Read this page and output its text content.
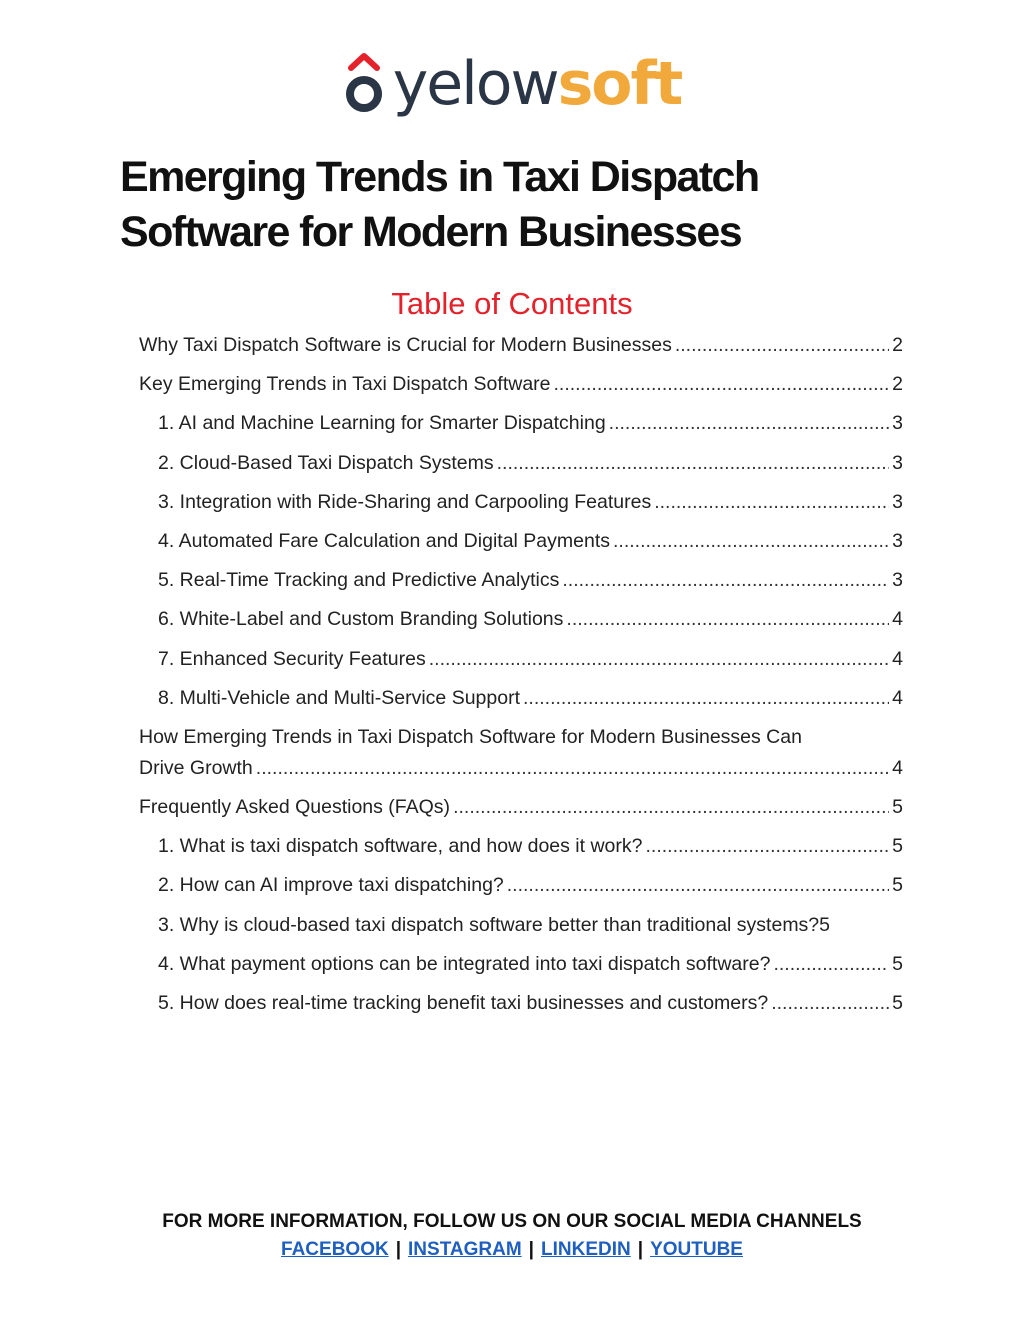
yelowsoft
Emerging Trends in Taxi Dispatch Software for Modern Businesses
Table of Contents
Why Taxi Dispatch Software is Crucial for Modern Businesses .....	2
Key Emerging Trends in Taxi Dispatch Software .....	2
1. AI and Machine Learning for Smarter Dispatching .....	3
2. Cloud-Based Taxi Dispatch Systems .....	3
3. Integration with Ride-Sharing and Carpooling Features .....	3
4. Automated Fare Calculation and Digital Payments .....	3
5. Real-Time Tracking and Predictive Analytics .....	3
6. White-Label and Custom Branding Solutions .....	4
7. Enhanced Security Features .....	4
8. Multi-Vehicle and Multi-Service Support .....	4
How Emerging Trends in Taxi Dispatch Software for Modern Businesses Can
Drive Growth .....	4
Frequently Asked Questions (FAQs) .....	5
1. What is taxi dispatch software, and how does it work? .....	5
2. How can AI improve taxi dispatching? .....	5
3. Why is cloud-based taxi dispatch software better than traditional systems? 5
4. What payment options can be integrated into taxi dispatch software? .....	5
5. How does real-time tracking benefit taxi businesses and customers? .....	5
FOR MORE INFORMATION, FOLLOW US ON OUR SOCIAL MEDIA CHANNELS
FACEBOOK | INSTAGRAM | LINKEDIN | YOUTUBE
